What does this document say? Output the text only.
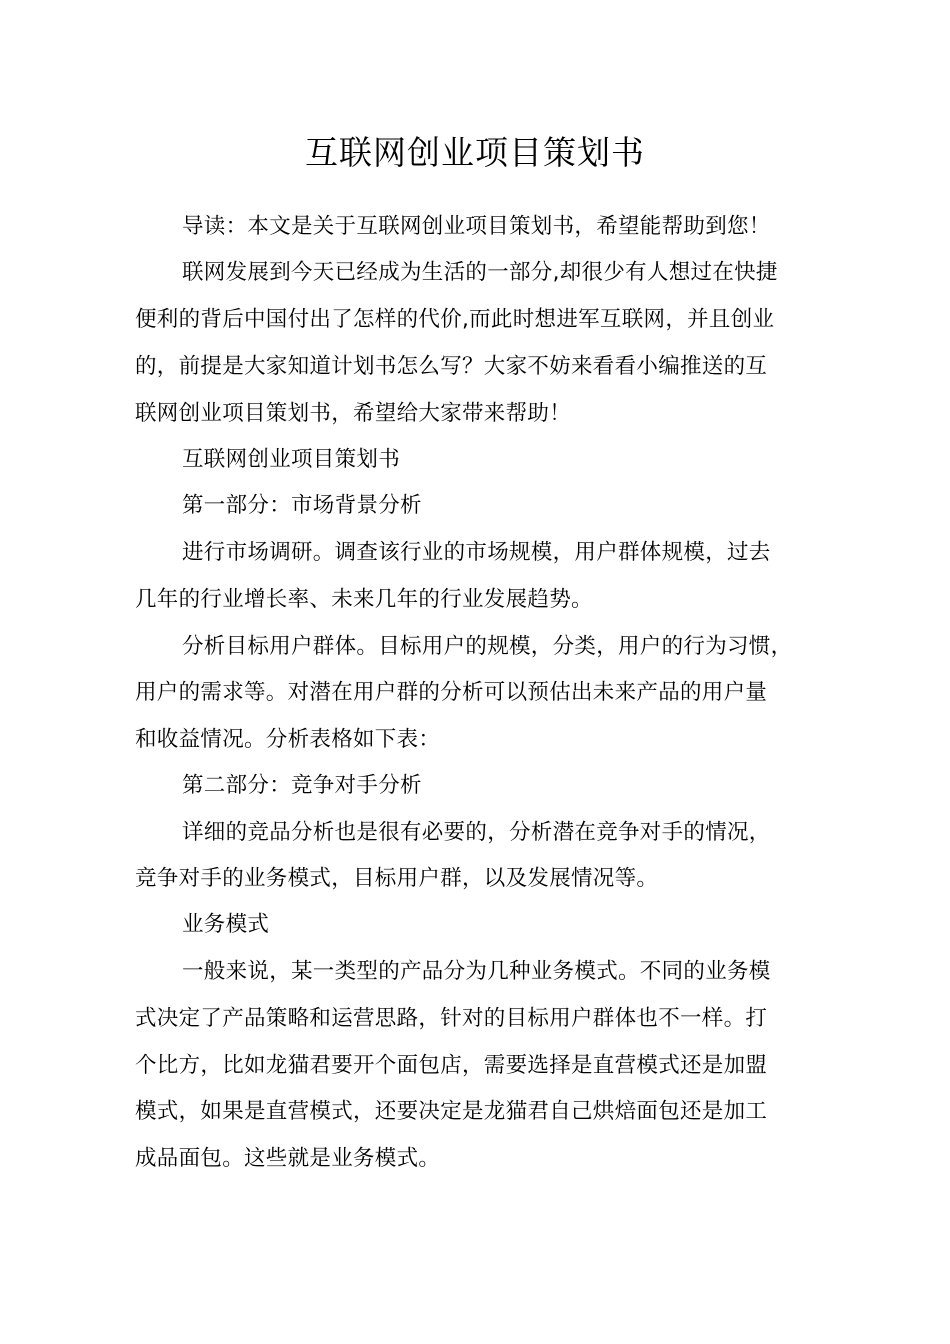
互联网创业项目策划书
导读：本文是关于互联网创业项目策划书，希望能帮助到您！
联网发展到今天已经成为生活的一部分,却很少有人想过在快捷
便利的背后中国付出了怎样的代价,而此时想进军互联网，并且创业
的，前提是大家知道计划书怎么写？大家不妨来看看小编推送的互
联网创业项目策划书，希望给大家带来帮助！
互联网创业项目策划书
第一部分：市场背景分析
进行市场调研。调查该行业的市场规模，用户群体规模，过去
几年的行业增长率、未来几年的行业发展趋势。
分析目标用户群体。目标用户的规模，分类，用户的行为习惯，
用户的需求等。对潜在用户群的分析可以预估出未来产品的用户量
和收益情况。分析表格如下表：
第二部分：竞争对手分析
详细的竞品分析也是很有必要的，分析潜在竞争对手的情况，
竞争对手的业务模式，目标用户群，以及发展情况等。
业务模式
一般来说，某一类型的产品分为几种业务模式。不同的业务模
式决定了产品策略和运营思路，针对的目标用户群体也不一样。打
个比方，比如龙猫君要开个面包店，需要选择是直营模式还是加盟
模式，如果是直营模式，还要决定是龙猫君自己烘焙面包还是加工
成品面包。这些就是业务模式。
